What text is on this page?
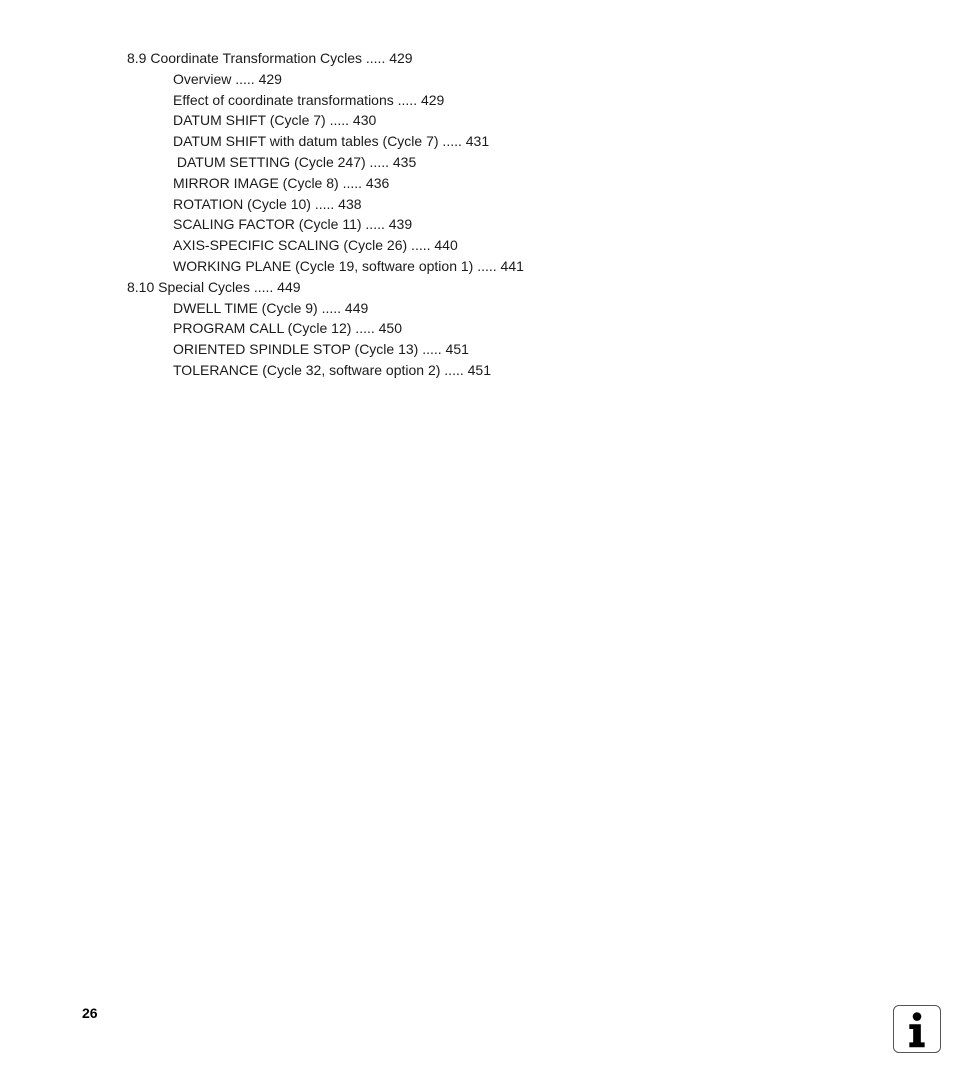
8.9 Coordinate Transformation Cycles ..... 429
Overview ..... 429
Effect of coordinate transformations ..... 429
DATUM SHIFT (Cycle 7) ..... 430
DATUM SHIFT with datum tables (Cycle 7) ..... 431
DATUM SETTING (Cycle 247) ..... 435
MIRROR IMAGE (Cycle 8) ..... 436
ROTATION (Cycle 10) ..... 438
SCALING FACTOR (Cycle 11) ..... 439
AXIS-SPECIFIC SCALING (Cycle 26) ..... 440
WORKING PLANE (Cycle 19, software option 1) ..... 441
8.10 Special Cycles ..... 449
DWELL TIME (Cycle 9) ..... 449
PROGRAM CALL (Cycle 12) ..... 450
ORIENTED SPINDLE STOP (Cycle 13) ..... 451
TOLERANCE (Cycle 32, software option 2) ..... 451
26
